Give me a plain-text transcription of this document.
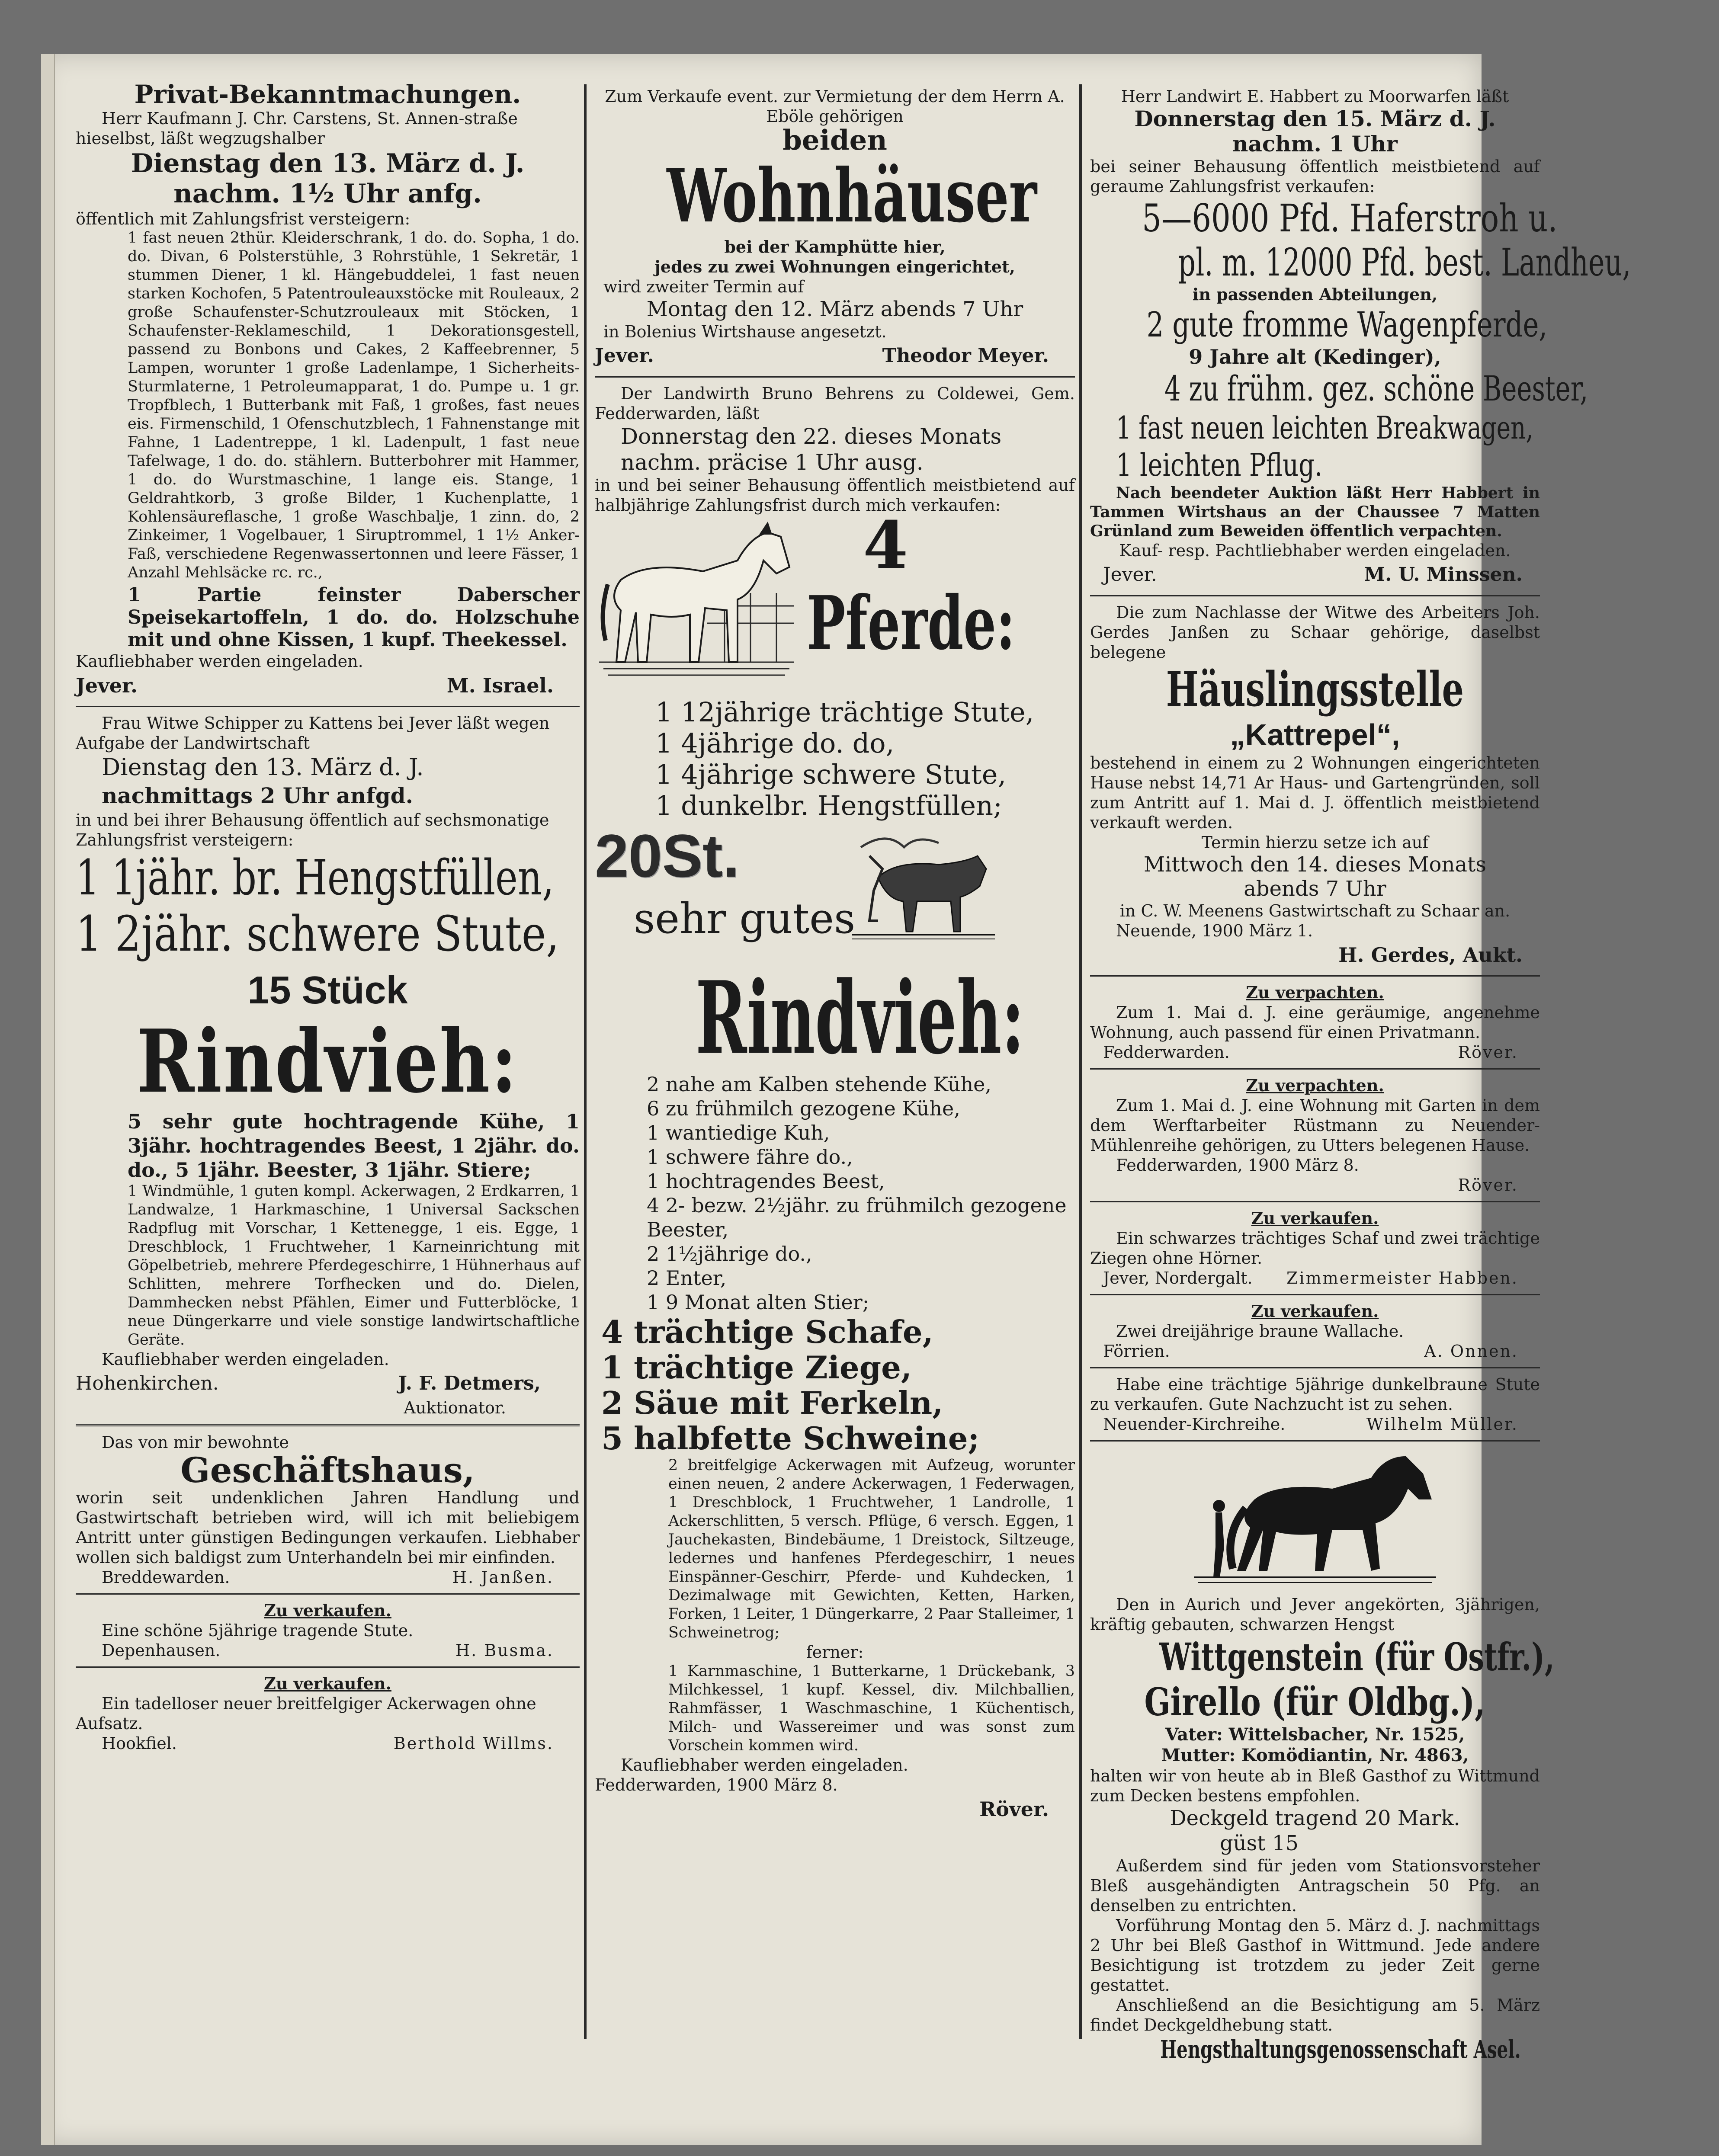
Privat-Bekanntmachungen.
Herr Kaufmann J. Chr. Carstens, St. Annen-straße hieselbst, läßt wegzugshalber
Dienstag den 13. März d. J.
nachm. 1½ Uhr anfg.
öffentlich mit Zahlungsfrist versteigern:
1 fast neuen 2thür. Kleiderschrank, 1 do. do. Sopha, 1 do. do. Divan, 6 Polsterstühle, 3 Rohrstühle, 1 Sekretär, 1 stummen Diener, 1 kl. Hängebuddelei, 1 fast neuen starken Kochofen, 5 Patentrouleauxstöcke mit Rouleaux, 2 große Schaufenster-Schutzrouleaux mit Stöcken, 1 Schaufenster-Reklameschild, 1 Dekorationsgestell, passend zu Bonbons und Cakes, 2 Kaffeebrenner, 5 Lampen, worunter 1 große Ladenlampe, 1 Sicherheits-Sturmlaterne, 1 Petroleumapparat, 1 do. Pumpe u. 1 gr. Tropfblech, 1 Butterbank mit Faß, 1 großes, fast neues eis. Firmenschild, 1 Ofenschutzblech, 1 Fahnenstange mit Fahne, 1 Ladentreppe, 1 kl. Ladenpult, 1 fast neue Tafelwage, 1 do. do. stählern. Butterbohrer mit Hammer, 1 do. do Wurstmaschine, 1 lange eis. Stange, 1 Geldrahtkorb, 3 große Bilder, 1 Kuchenplatte, 1 Kohlensäureflasche, 1 große Waschbalje, 1 zinn. do, 2 Zinkeimer, 1 Vogelbauer, 1 Siruptrommel, 1 1½ Anker-Faß, verschiedene Regenwassertonnen und leere Fässer, 1 Anzahl Mehlsäcke rc. rc.,
1 Partie feinster Daberscher Speisekartoffeln, 1 do. do. Holzschuhe mit und ohne Kissen, 1 kupf. Theekessel.
Kaufliebhaber werden eingeladen.
Jever.	M. Israel.
Frau Witwe Schipper zu Kattens bei Jever läßt wegen Aufgabe der Landwirtschaft
Dienstag den 13. März d. J.
nachmittags 2 Uhr anfgd.
in und bei ihrer Behausung öffentlich auf sechsmonatige Zahlungsfrist versteigern:
1 1jähr. br. Hengstfüllen,
1 2jähr. schwere Stute,
15 Stück
Rindvieh:
5 sehr gute hochtragende Kühe, 1 3jähr. hochtragendes Beest, 1 2jähr. do. do., 5 1jähr. Beester, 3 1jähr. Stiere;
1 Windmühle, 1 guten kompl. Ackerwagen, 2 Erdkarren, 1 Landwalze, 1 Harkmaschine, 1 Universal Sackschen Radpflug mit Vorschar, 1 Kettenegge, 1 eis. Egge, 1 Dreschblock, 1 Fruchtweher, 1 Karneinrichtung mit Göpelbetrieb, mehrere Pferdegeschirre, 1 Hühnerhaus auf Schlitten, mehrere Torfhecken und do. Dielen, Dammhecken nebst Pfählen, Eimer und Futterblöcke, 1 neue Düngerkarre und viele sonstige landwirtschaftliche Geräte.
Kaufliebhaber werden eingeladen.
Hohenkirchen.	J. F. Detmers,
Auktionator.
Das von mir bewohnte
Geschäftshaus,
worin seit undenklichen Jahren Handlung und Gastwirtschaft betrieben wird, will ich mit beliebigem Antritt unter günstigen Bedingungen verkaufen. Liebhaber wollen sich baldigst zum Unterhandeln bei mir einfinden.
Breddewarden.	H. Janßen.
Zu verkaufen.
Eine schöne 5jährige tragende Stute.
Depenhausen.	H. Busma.
Zu verkaufen.
Ein tadelloser neuer breitfelgiger Ackerwagen ohne Aufsatz.
Hookfiel.	Berthold Willms.
Zum Verkaufe event. zur Vermietung der dem Herrn A. Eböle gehörigen
beiden
Wohnhäuser
bei der Kamphütte hier,
jedes zu zwei Wohnungen eingerichtet,
wird zweiter Termin auf
Montag den 12. März abends 7 Uhr
in Bolenius Wirtshause angesetzt.
Jever.	Theodor Meyer.
Der Landwirth Bruno Behrens zu Coldewei, Gem. Fedderwarden, läßt
Donnerstag den 22. dieses Monats
nachm. präcise 1 Uhr ausg.
in und bei seiner Behausung öffentlich meistbietend auf halbjährige Zahlungsfrist durch mich verkaufen:
4
Pferde:
1 12jährige trächtige Stute,
1 4jährige do. do,
1 4jährige schwere Stute,
1 dunkelbr. Hengstfüllen;
20St.
sehr gutes
Rindvieh:
2 nahe am Kalben stehende Kühe,
6 zu frühmilch gezogene Kühe,
1 wantiedige Kuh,
1 schwere fähre do.,
1 hochtragendes Beest,
4 2- bezw. 2½jähr. zu frühmilch gezogene Beester,
2 1½jährige do.,
2 Enter,
1 9 Monat alten Stier;
4 trächtige Schafe,
1 trächtige Ziege,
2 Säue mit Ferkeln,
5 halbfette Schweine;
2 breitfelgige Ackerwagen mit Aufzeug, worunter einen neuen, 2 andere Ackerwagen, 1 Federwagen, 1 Dreschblock, 1 Fruchtweher, 1 Landrolle, 1 Ackerschlitten, 5 versch. Pflüge, 6 versch. Eggen, 1 Jauchekasten, Bindebäume, 1 Dreistock, Siltzeuge, ledernes und hanfenes Pferdegeschirr, 1 neues Einspänner-Geschirr, Pferde- und Kuhdecken, 1 Dezimalwage mit Gewichten, Ketten, Harken, Forken, 1 Leiter, 1 Düngerkarre, 2 Paar Stalleimer, 1 Schweinetrog;
ferner:
1 Karnmaschine, 1 Butterkarne, 1 Drückebank, 3 Milchkessel, 1 kupf. Kessel, div. Milchballien, Rahmfässer, 1 Waschmaschine, 1 Küchentisch, Milch- und Wassereimer und was sonst zum Vorschein kommen wird.
Kaufliebhaber werden eingeladen.
Fedderwarden, 1900 März 8.
Röver.
Herr Landwirt E. Habbert zu Moorwarfen läßt
Donnerstag den 15. März d. J.
nachm. 1 Uhr
bei seiner Behausung öffentlich meistbietend auf geraume Zahlungsfrist verkaufen:
5—6000 Pfd. Haferstroh u.
pl. m. 12000 Pfd. best. Landheu,
in passenden Abteilungen,
2 gute fromme Wagenpferde,
9 Jahre alt (Kedinger),
4 zu frühm. gez. schöne Beester,
1 fast neuen leichten Breakwagen,
1 leichten Pflug.
Nach beendeter Auktion läßt Herr Habbert in Tammen Wirtshaus an der Chaussee 7 Matten Grünland zum Beweiden öffentlich verpachten.
Kauf- resp. Pachtliebhaber werden eingeladen.
Jever.	M. U. Minssen.
Die zum Nachlasse der Witwe des Arbeiters Joh. Gerdes Janßen zu Schaar gehörige, daselbst belegene
Häuslingsstelle
„Kattrepel“,
bestehend in einem zu 2 Wohnungen eingerichteten Hause nebst 14,71 Ar Haus- und Gartengründen, soll zum Antritt auf 1. Mai d. J. öffentlich meistbietend verkauft werden.
Termin hierzu setze ich auf
Mittwoch den 14. dieses Monats
abends 7 Uhr
in C. W. Meenens Gastwirtschaft zu Schaar an.
Neuende, 1900 März 1.
H. Gerdes, Aukt.
Zu verpachten.
Zum 1. Mai d. J. eine geräumige, angenehme Wohnung, auch passend für einen Privatmann.
Fedderwarden.	Röver.
Zu verpachten.
Zum 1. Mai d. J. eine Wohnung mit Garten in dem dem Werftarbeiter Rüstmann zu Neuender-Mühlenreihe gehörigen, zu Utters belegenen Hause.
Fedderwarden, 1900 März 8.
Röver.
Zu verkaufen.
Ein schwarzes trächtiges Schaf und zwei trächtige Ziegen ohne Hörner.
Jever, Nordergalt. Zimmermeister Habben.
Zu verkaufen.
Zwei dreijährige braune Wallache.
Förrien.	A. Onnen.
Habe eine trächtige 5jährige dunkelbraune Stute zu verkaufen. Gute Nachzucht ist zu sehen.
Neuender-Kirchreihe.	Wilhelm Müller.
Den in Aurich und Jever angekörten, 3jährigen, kräftig gebauten, schwarzen Hengst
Wittgenstein (für Ostfr.),
Girello (für Oldbg.),
Vater: Wittelsbacher, Nr. 1525,
Mutter: Komödiantin, Nr. 4863,
halten wir von heute ab in Bleß Gasthof zu Wittmund zum Decken bestens empfohlen.
Deckgeld tragend 20 Mark.
güst 15
Außerdem sind für jeden vom Stationsvorsteher Bleß ausgehändigten Antragschein 50 Pfg. an denselben zu entrichten.
Vorführung Montag den 5. März d. J. nachmittags 2 Uhr bei Bleß Gasthof in Wittmund. Jede andere Besichtigung ist trotzdem zu jeder Zeit gerne gestattet.
Anschließend an die Besichtigung am 5. März findet Deckgeldhebung statt.
Hengsthaltungsgenossenschaft Asel.
